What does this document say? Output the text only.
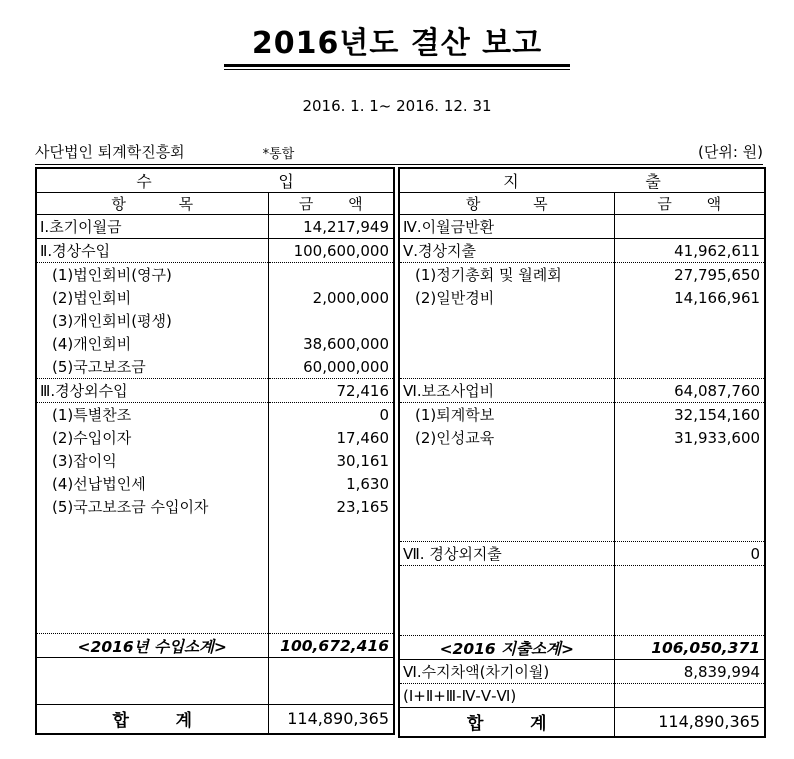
2016년도 결산 보고
2016. 1. 1~ 2016. 12. 31
사단법인 퇴계학진흥회	*통합	(단위: 원)
수 입	
항 목	금 액
Ⅰ.초기이월금	14,217,949
Ⅱ.경상수입	100,600,000
(1)법인회비(영구)	
(2)법인회비	2,000,000
(3)개인회비(평생)	
(4)개인회비	38,600,000
(5)국고보조금	60,000,000
Ⅲ.경상외수입	72,416
(1)특별찬조	0
(2)수입이자	17,460
(3)잡이익	30,161
(4)선납법인세	1,630
(5)국고보조금 수입이자	23,165

<2016년 수입소계>	100,672,416

합 계	114,890,365
지 출	
항 목	금 액
Ⅳ.이월금반환	
Ⅴ.경상지출	41,962,611
(1)정기총회 및 월례회	27,795,650
(2)일반경비	14,166,961

Ⅵ.보조사업비	64,087,760
(1)퇴계학보	32,154,160
(2)인성교육	31,933,600

Ⅶ. 경상외지출	0

<2016 지출소계>	106,050,371
Ⅵ.수지차액(차기이월)	8,839,994
(Ⅰ+Ⅱ+Ⅲ-Ⅳ-Ⅴ-Ⅵ)	
합 계	114,890,365
